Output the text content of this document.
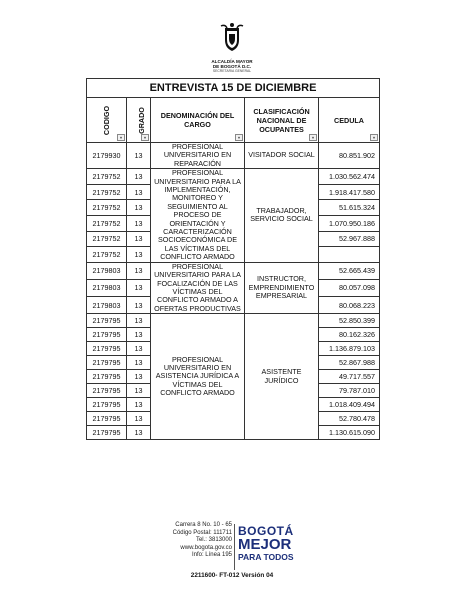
ALCALDÍA MAYOR
DE BOGOTÁ D.C.
SECRETARIA GENERAL
ENTREVISTA 15 DE DICIEMBRE				
CODIGO
▾	GRADO
▾	DENOMINACIÓN DEL CARGO
▾	CLASIFICACIÓN NACIONAL DE OCUPANTES
▾	CEDULA
▾

2179930	13	PROFESIONAL UNIVERSITARIO EN REPARACIÓN	VISITADOR SOCIAL	80.851.902
2179752	13	PROFESIONAL UNIVERSITARIO PARA LA IMPLEMENTACIÓN, MONITOREO Y SEGUIMIENTO AL PROCESO DE ORIENTACIÓN Y CARACTERIZACIÓN SOCIOECONÓMICA DE LAS VÍCTIMAS DEL CONFLICTO ARMADO	TRABAJADOR, SERVICIO SOCIAL	1.030.562.474
2179752	13			1.918.417.580
2179752	13			51.615.324
2179752	13			1.070.950.186
2179752	13			52.967.888
2179752	13			
2179803	13	PROFESIONAL UNIVERSITARIO PARA LA FOCALIZACIÓN DE LAS VÍCTIMAS DEL CONFLICTO ARMADO A OFERTAS PRODUCTIVAS	INSTRUCTOR, EMPRENDIMIENTO EMPRESARIAL	52.665.439
2179803	13			80.057.098
2179803	13			80.068.223
2179795	13	PROFESIONAL UNIVERSITARIO EN ASISTENCIA JURÍDICA A VÍCTIMAS DEL CONFLICTO ARMADO	ASISTENTE JURÍDICO	52.850.399
2179795	13			80.162.326
2179795	13			1.136.879.103
2179795	13			52.867.988
2179795	13			49.717.557
2179795	13			79.787.010
2179795	13			1.018.409.494
2179795	13			52.780.478
2179795	13			1.130.615.090
Carrera 8 No. 10 - 65
Código Postal: 111711
Tel.: 3813000
www.bogota.gov.co
Info: Línea 195
BOGOTÁ
MEJOR
PARA TODOS
2211600- FT-012 Versión 04
